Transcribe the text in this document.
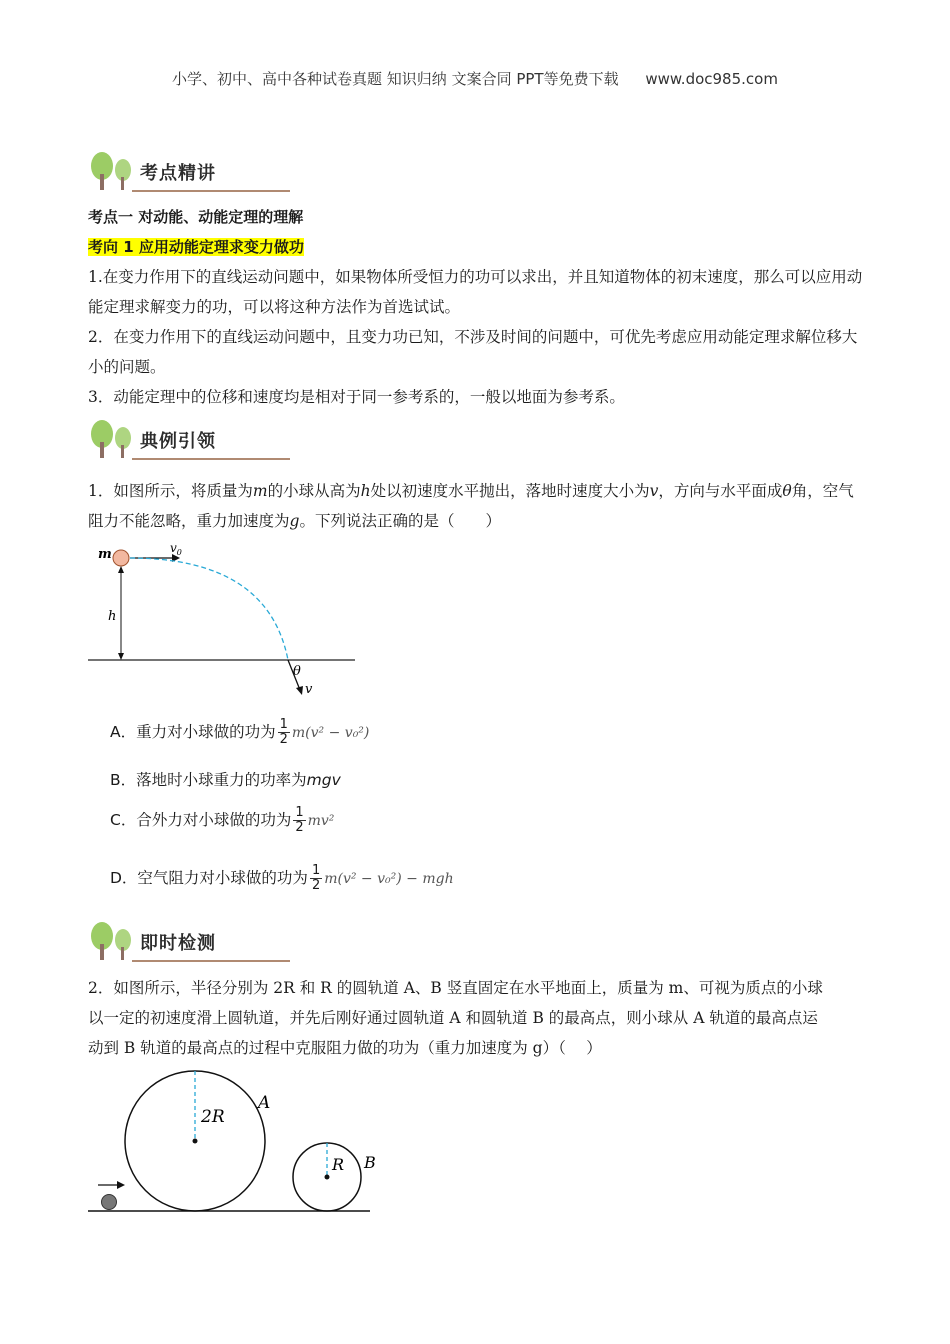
小学、初中、高中各种试卷真题 知识归纳 文案合同 PPT等免费下载 www.doc985.com
考点精讲
考点一 对动能、动能定理的理解
考向 1 应用动能定理求变力做功
1.在变力作用下的直线运动问题中，如果物体所受恒力的功可以求出，并且知道物体的初末速度，那么可以应用动能定理求解变力的功，可以将这种方法作为首选试试。
2．在变力作用下的直线运动问题中，且变力功已知，不涉及时间的问题中，可优先考虑应用动能定理求解位移大小的问题。
3．动能定理中的位移和速度均是相对于同一参考系的，一般以地面为参考系。
典例引领
1．如图所示，将质量为m的小球从高为h处以初速度水平抛出，落地时速度大小为v，方向与水平面成θ角，空气阻力不能忽略，重力加速度为g。下列说法正确的是（　　）
$v_0$
m
h
θ
v
A．重力对小球做的功为 $\frac{1}{2} m(v^2 - v_0^2)$
B．落地时小球重力的功率为mgv
C．合外力对小球做的功为 $\frac{1}{2} mv^2$
D．空气阻力对小球做的功为 $\frac{1}{2} m(v^2 - v_0^2)$ − mgh
即时检测
2．如图所示，半径分别为 2R 和 R 的圆轨道 A、B 竖直固定在水平地面上，质量为 m、可视为质点的小球
以一定的初速度滑上圆轨道，并先后刚好通过圆轨道 A 和圆轨道 B 的最高点，则小球从 A 轨道的最高点运
动到 B 轨道的最高点的过程中克服阻力做的功为（重力加速度为 g）（　 ）
2R
A
R B
